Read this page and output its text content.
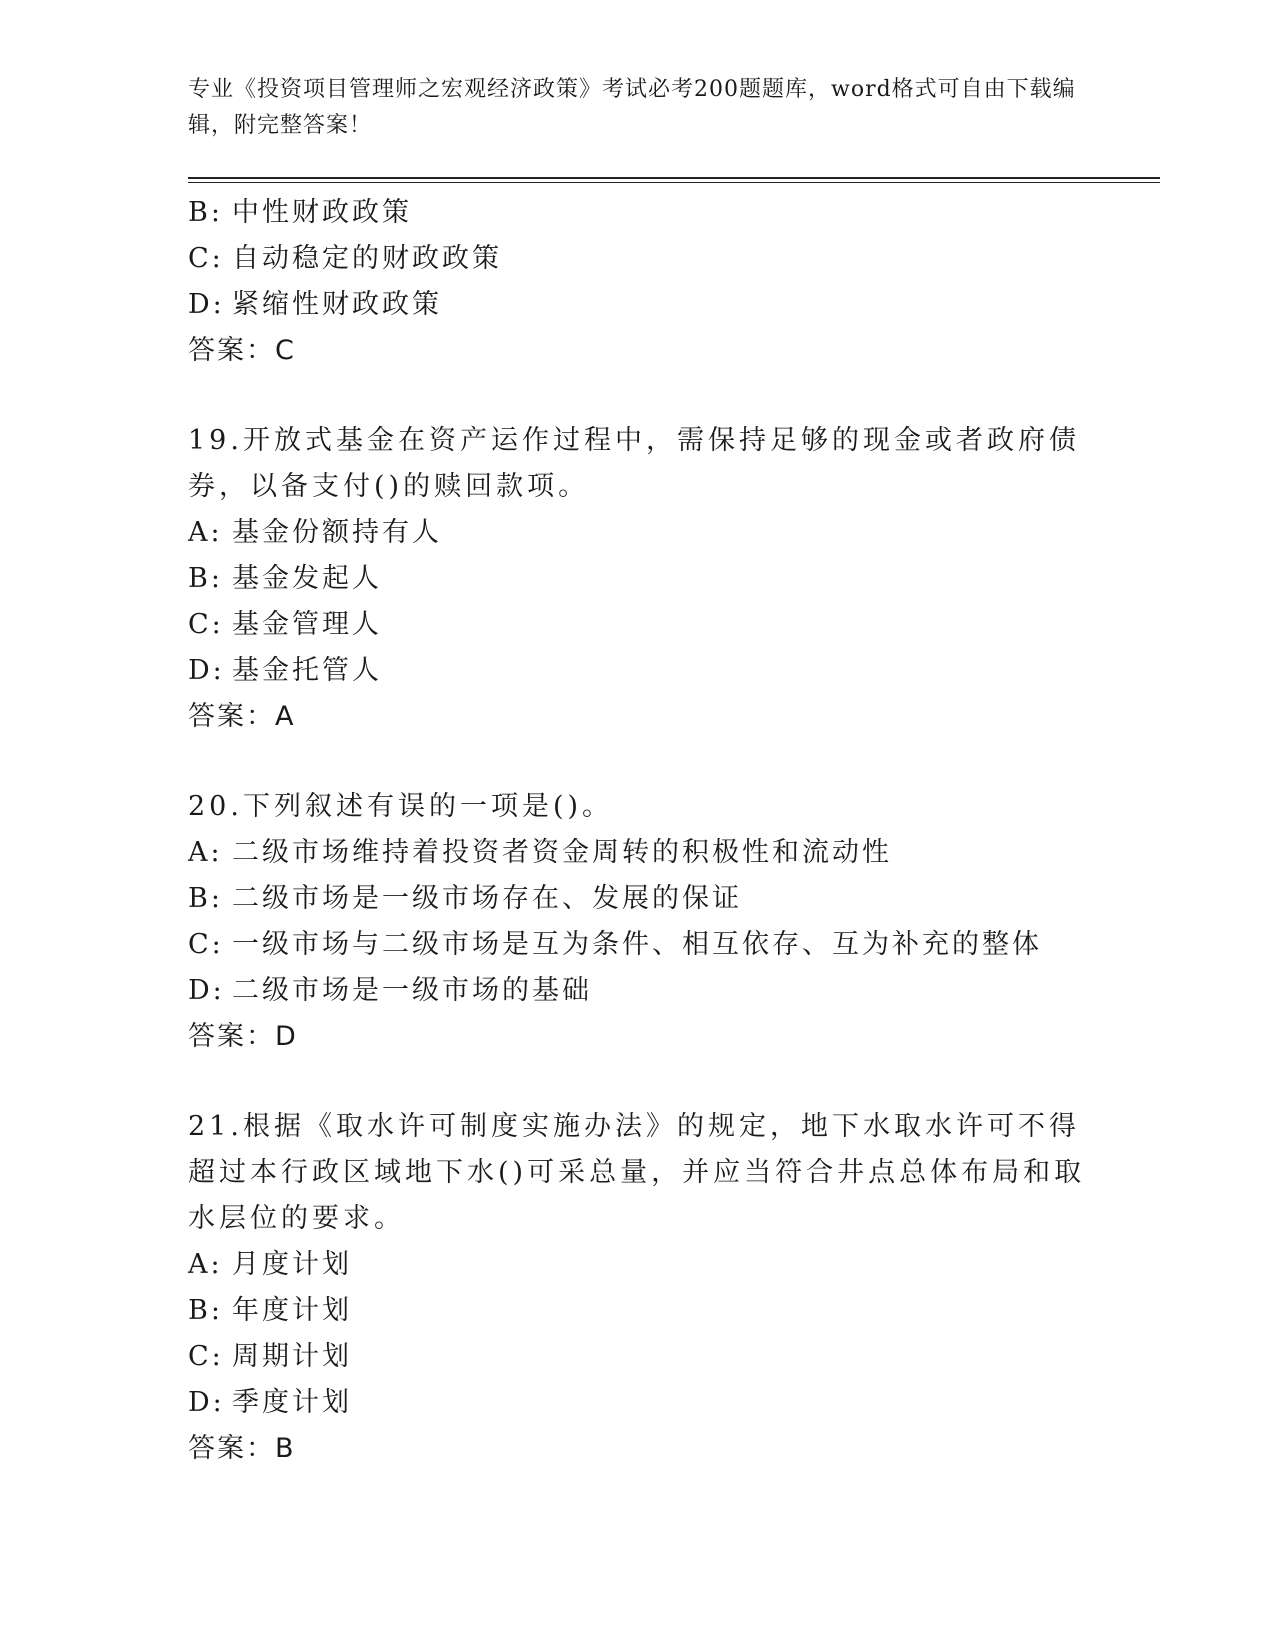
专业《投资项目管理师之宏观经济政策》考试必考200题题库，word格式可自由下载编辑，附完整答案！
B: 中性财政政策
C: 自动稳定的财政政策
D: 紧缩性财政政策
答案：C
19.开放式基金在资产运作过程中，需保持足够的现金或者政府债券，以备支付()的赎回款项。
A: 基金份额持有人
B: 基金发起人
C: 基金管理人
D: 基金托管人
答案：A
20.下列叙述有误的一项是()。
A: 二级市场维持着投资者资金周转的积极性和流动性
B: 二级市场是一级市场存在、发展的保证
C: 一级市场与二级市场是互为条件、相互依存、互为补充的整体
D: 二级市场是一级市场的基础
答案：D
21.根据《取水许可制度实施办法》的规定，地下水取水许可不得超过本行政区域地下水()可采总量，并应当符合井点总体布局和取水层位的要求。
A: 月度计划
B: 年度计划
C: 周期计划
D: 季度计划
答案：B
